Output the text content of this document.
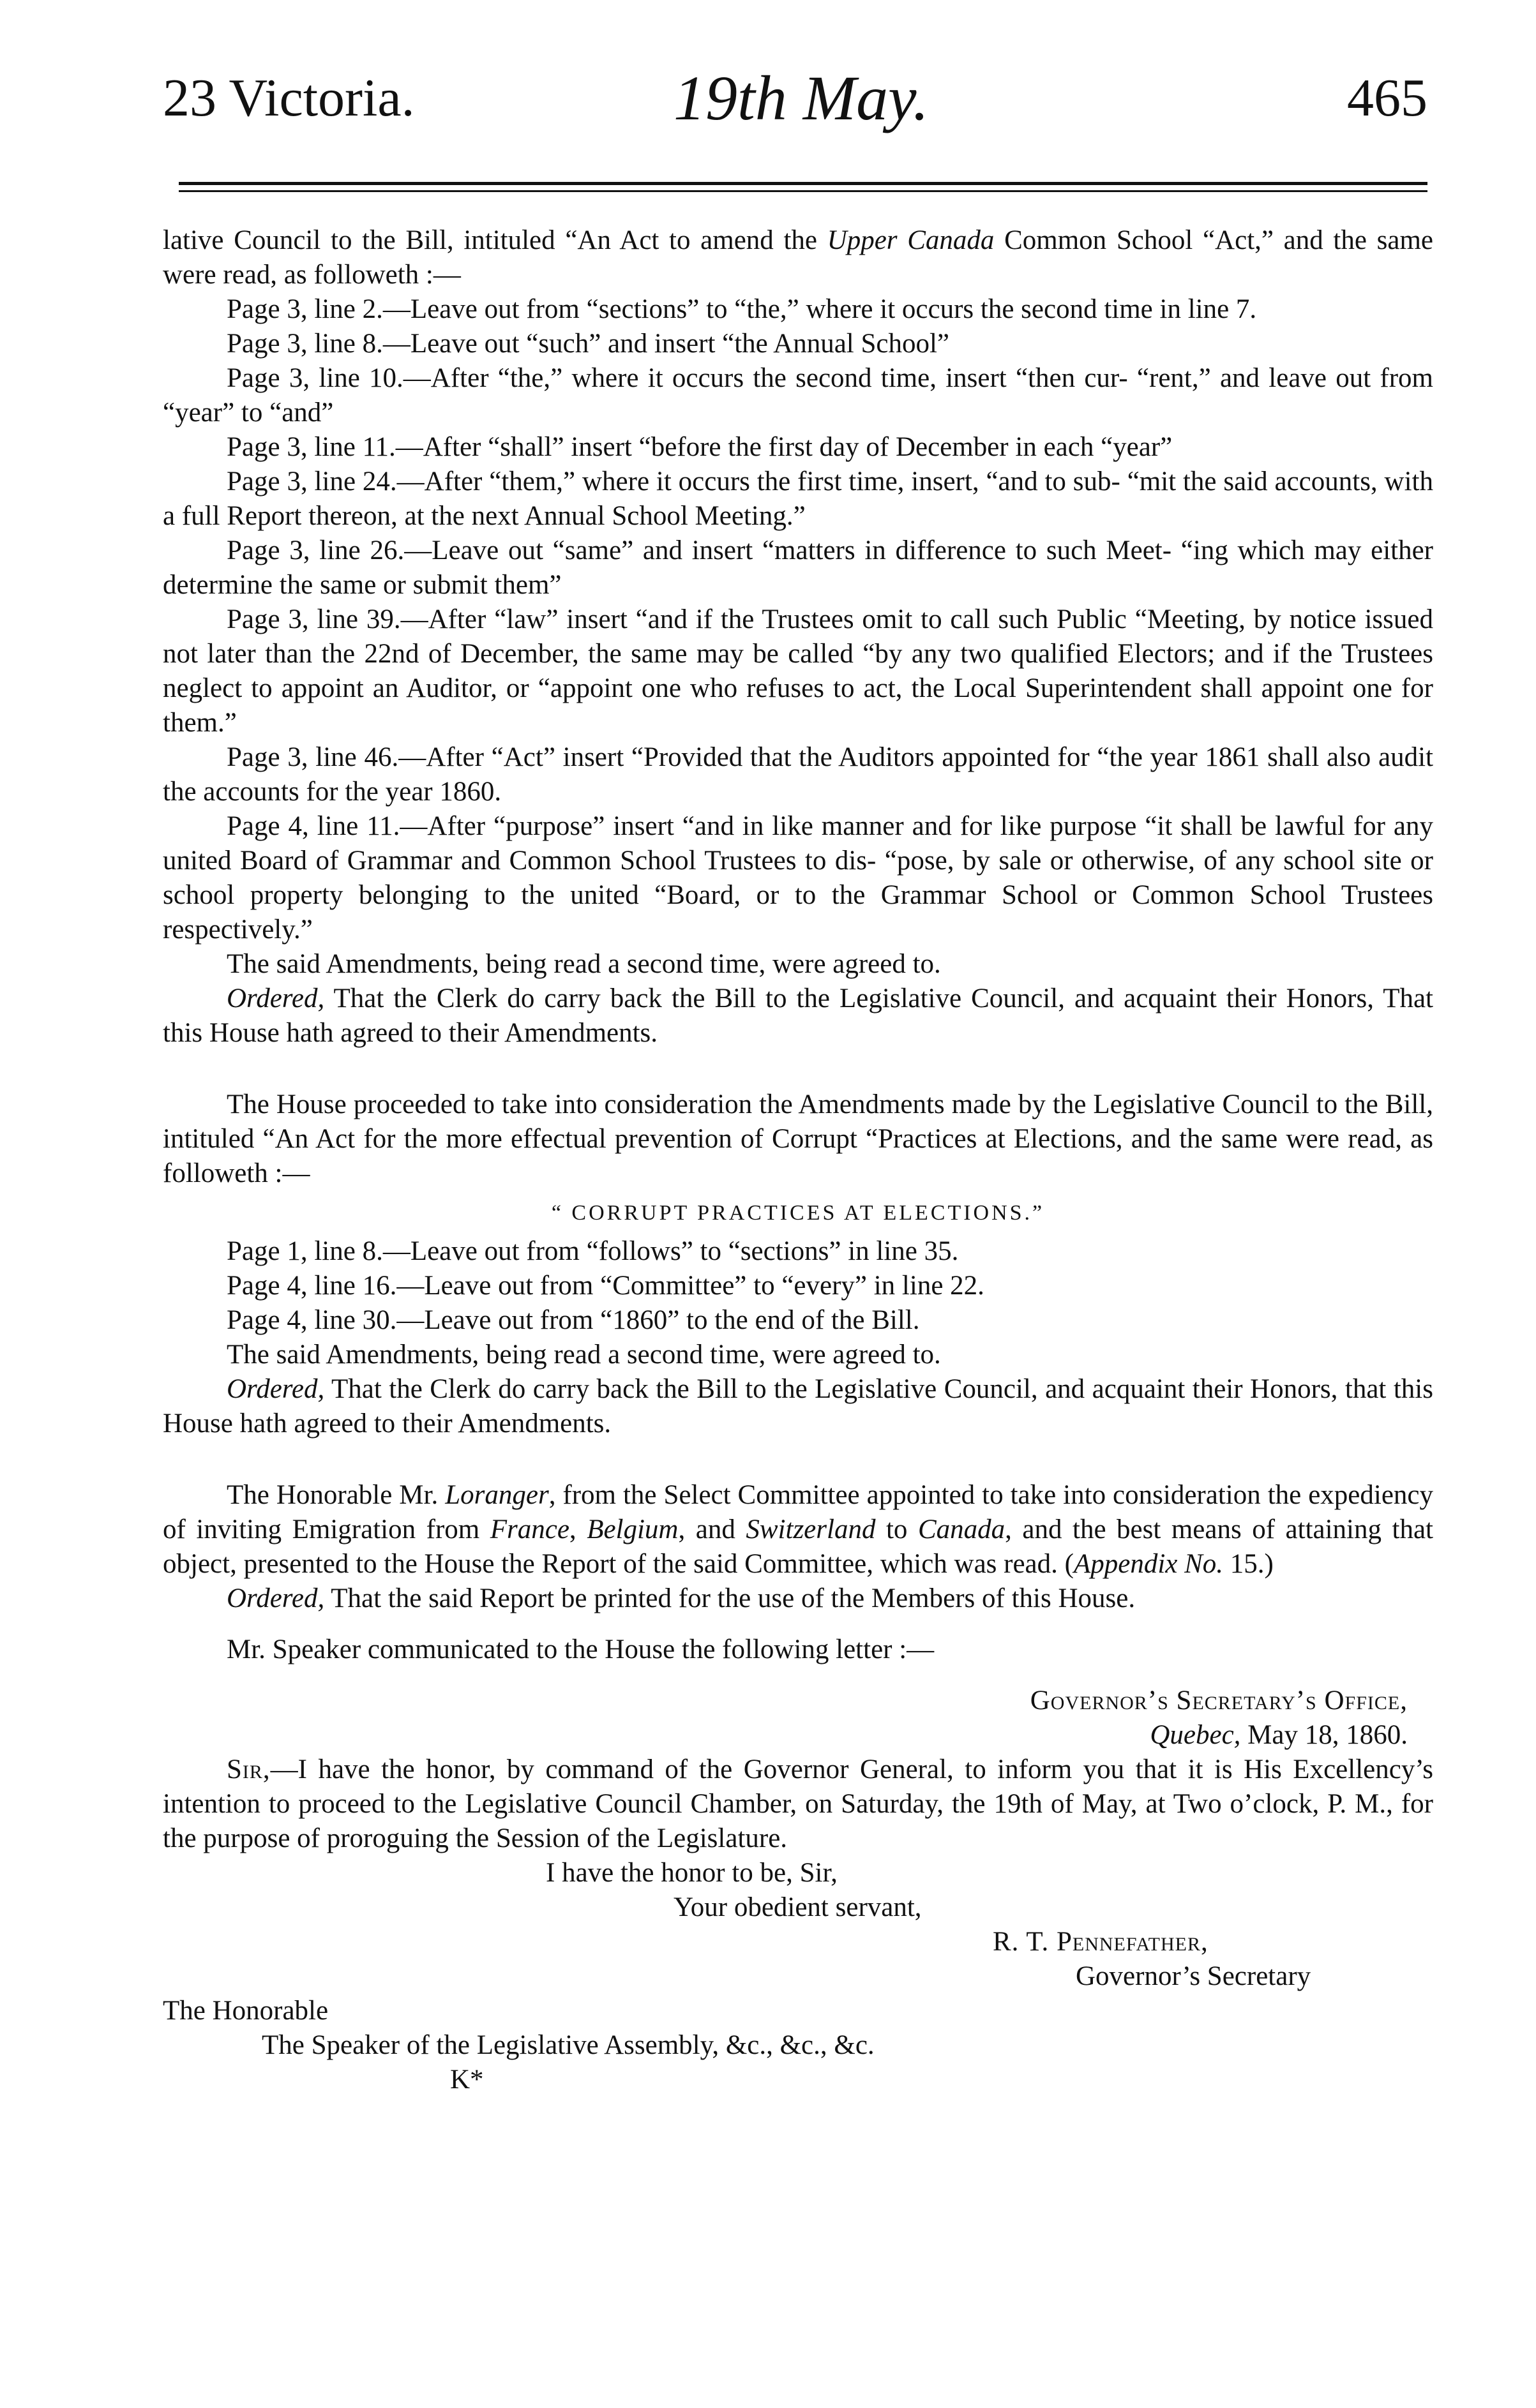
23 Victoria.	19th May.	465

lative Council to the Bill, intituled “An Act to amend the Upper Canada Common School “Act,” and the same were read, as followeth :—

Page 3, line 2.—Leave out from “sections” to “the,” where it occurs the second time in line 7.

Page 3, line 8.—Leave out “such” and insert “the Annual School”

Page 3, line 10.—After “the,” where it occurs the second time, insert “then cur- “rent,” and leave out from “year” to “and”

Page 3, line 11.—After “shall” insert “before the first day of December in each “year”

Page 3, line 24.—After “them,” where it occurs the first time, insert, “and to sub- “mit the said accounts, with a full Report thereon, at the next Annual School Meeting.”

Page 3, line 26.—Leave out “same” and insert “matters in difference to such Meet- “ing which may either determine the same or submit them”

Page 3, line 39.—After “law” insert “and if the Trustees omit to call such Public “Meeting, by notice issued not later than the 22nd of December, the same may be called “by any two qualified Electors; and if the Trustees neglect to appoint an Auditor, or “appoint one who refuses to act, the Local Superintendent shall appoint one for them.”

Page 3, line 46.—After “Act” insert “Provided that the Auditors appointed for “the year 1861 shall also audit the accounts for the year 1860.

Page 4, line 11.—After “purpose” insert “and in like manner and for like purpose “it shall be lawful for any united Board of Grammar and Common School Trustees to dis- “pose, by sale or otherwise, of any school site or school property belonging to the united “Board, or to the Grammar School or Common School Trustees respectively.”

The said Amendments, being read a second time, were agreed to.

Ordered, That the Clerk do carry back the Bill to the Legislative Council, and acquaint their Honors, That this House hath agreed to their Amendments.

The House proceeded to take into consideration the Amendments made by the Legislative Council to the Bill, intituled “An Act for the more effectual prevention of Corrupt “Practices at Elections, and the same were read, as followeth :—

“ CORRUPT PRACTICES AT ELECTIONS.”

Page 1, line 8.—Leave out from “follows” to “sections” in line 35.

Page 4, line 16.—Leave out from “Committee” to “every” in line 22.

Page 4, line 30.—Leave out from “1860” to the end of the Bill.

The said Amendments, being read a second time, were agreed to.

Ordered, That the Clerk do carry back the Bill to the Legislative Council, and acquaint their Honors, that this House hath agreed to their Amendments.

The Honorable Mr. Loranger, from the Select Committee appointed to take into consideration the expediency of inviting Emigration from France, Belgium, and Switzerland to Canada, and the best means of attaining that object, presented to the House the Report of the said Committee, which was read. (Appendix No. 15.)

Ordered, That the said Report be printed for the use of the Members of this House.

Mr. Speaker communicated to the House the following letter :—

Governor’s Secretary’s Office,

Quebec, May 18, 1860.

Sir,—I have the honor, by command of the Governor General, to inform you that it is His Excellency’s intention to proceed to the Legislative Council Chamber, on Saturday, the 19th of May, at Two o’clock, P. M., for the purpose of proroguing the Session of the Legislature.

I have the honor to be, Sir,

Your obedient servant,

R. T. Pennefather,

Governor’s Secretary

The Honorable

The Speaker of the Legislative Assembly, &c., &c., &c.

K*
